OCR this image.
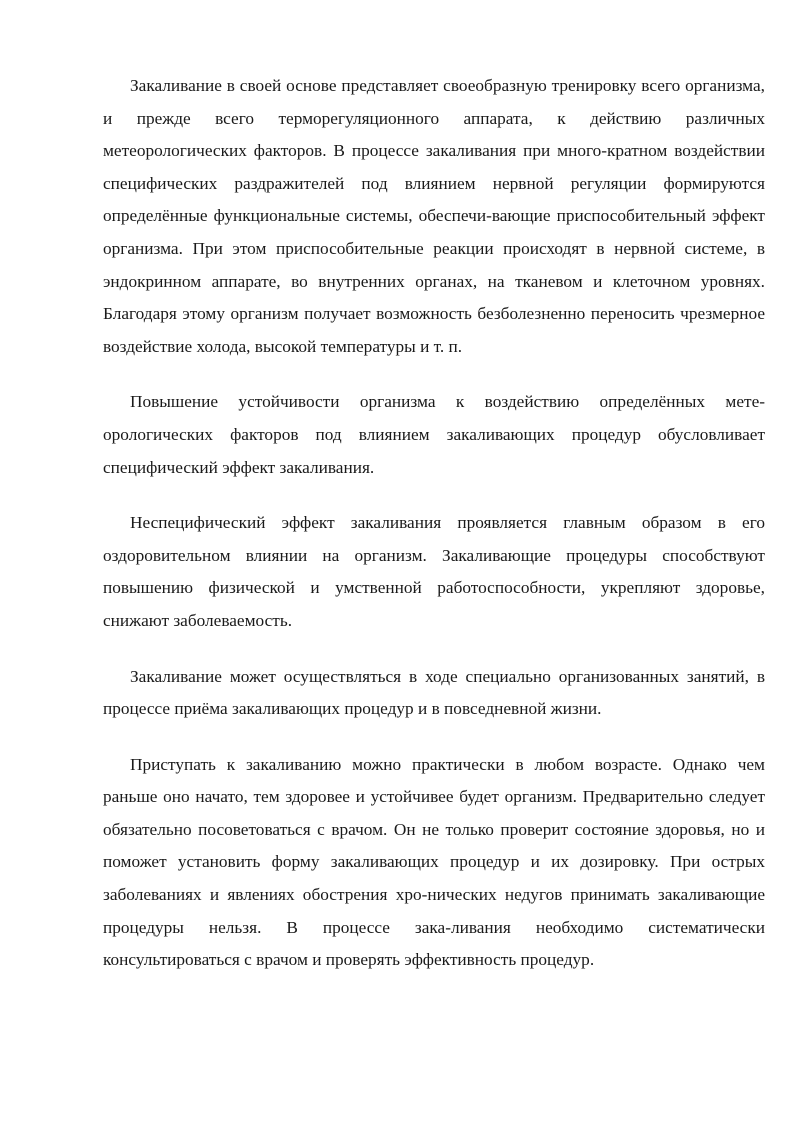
Закаливание в своей основе представляет своеобразную тренировку всего организма, и прежде всего терморегуляционного аппарата, к действию различных метеорологических факторов. В процессе закаливания при много-кратном воздействии специфических раздражителей под влиянием нервной регуляции формируются определённые функциональные системы, обеспечи-вающие приспособительный эффект организма. При этом приспособительные реакции происходят в нервной системе, в эндокринном аппарате, во внутренних органах, на тканевом и клеточном уровнях. Благодаря этому организм получает возможность безболезненно переносить чрезмерное воздействие холода, высокой температуры и т. п.

Повышение устойчивости организма к воздействию определённых мете-орологических факторов под влиянием закаливающих процедур обусловливает специфический эффект закаливания.

Неспецифический эффект закаливания проявляется главным образом в его оздоровительном влиянии на организм. Закаливающие процедуры способствуют повышению физической и умственной работоспособности, укрепляют здоровье, снижают заболеваемость.

Закаливание может осуществляться в ходе специально организованных занятий, в процессе приёма закаливающих процедур и в повседневной жизни.

Приступать к закаливанию можно практически в любом возрасте. Однако чем раньше оно начато, тем здоровее и устойчивее будет организм. Предварительно следует обязательно посоветоваться с врачом. Он не только проверит состояние здоровья, но и поможет установить форму закаливающих процедур и их дозировку. При острых заболеваниях и явлениях обострения хро-нических недугов принимать закаливающие процедуры нельзя. В процессе зака-ливания необходимо систематически консультироваться с врачом и проверять эффективность процедур.
